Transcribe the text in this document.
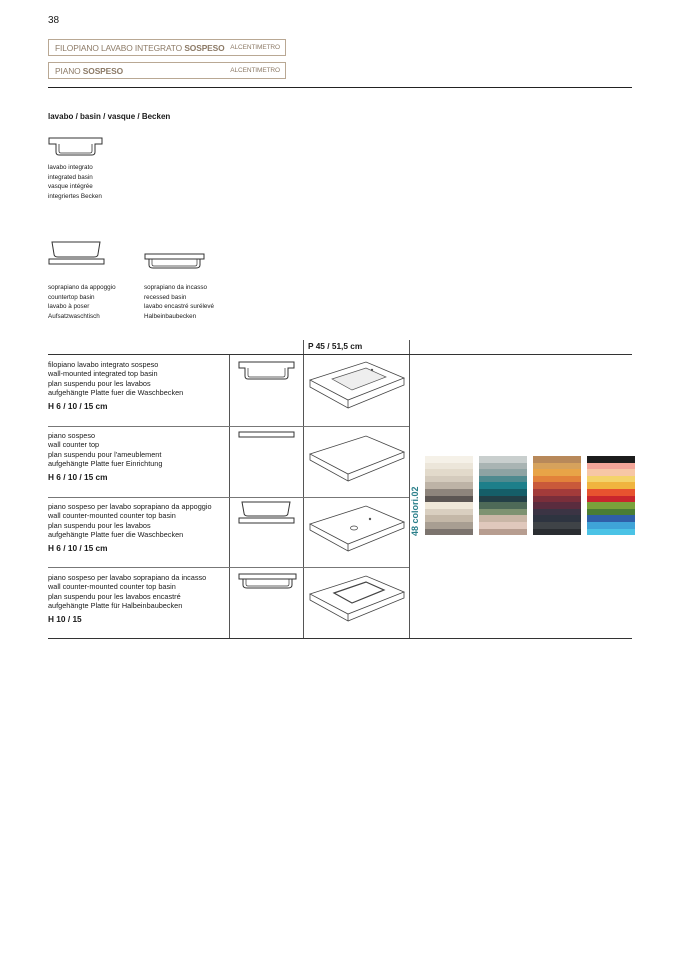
38
FILOPIANO LAVABO INTEGRATO SOSPESO ALCENTIMETRO
PIANO SOSPESO	ALCENTIMETRO
lavabo / basin / vasque / Becken
lavabo integrato
integrated basin
vasque intégrée
integriertes Becken
soprapiano da appoggio
countertop basin
lavabo à poser
Aufsatzwaschtisch
soprapiano da incasso
recessed basin
lavabo encastré surélevé
Halbeinbaubecken
P 45 / 51,5 cm
filopiano lavabo integrato sospeso
wall-mounted integrated top basin
plan suspendu pour les lavabos
aufgehängte Platte fuer die Waschbecken
H 6 / 10 / 15 cm
piano sospeso
wall counter top
plan suspendu pour l'ameublement
aufgehängte Platte fuer Einrichtung
H 6 / 10 / 15 cm
piano sospeso per lavabo soprapiano da appoggio
wall counter-mounted counter top basin
plan suspendu pour les lavabos
aufgehängte Platte fuer die Waschbecken
H 6 / 10 / 15 cm
piano sospeso per lavabo soprapiano da incasso
wall counter-mounted counter top basin
plan suspendu pour les lavabos encastré
aufgehängte Platte für Halbeinbaubecken
H 10 / 15
48 colori.02
